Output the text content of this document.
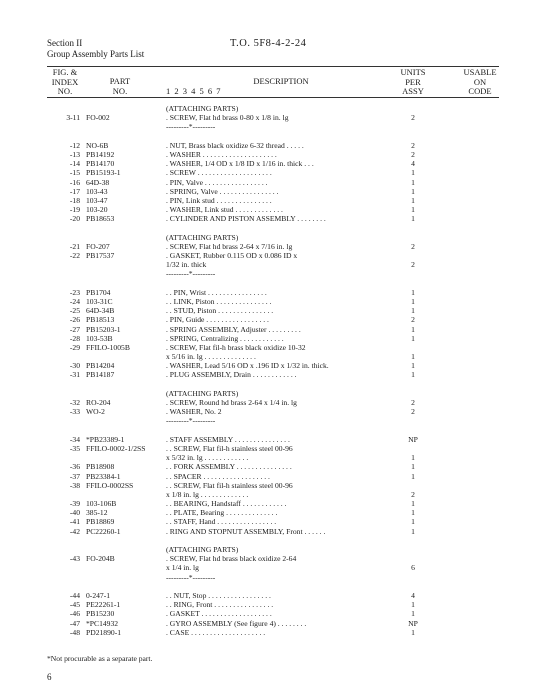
Section II
Group Assembly Parts List
T.O. 5F8-4-2-24
FIG. &
INDEX
NO.
PART
NO.
DESCRIPTION
1 2 3 4 5 6 7
UNITS
PER
ASSY
USABLE
ON
CODE
(ATTACHING PARTS)
3-11 FO-002	. SCREW, Flat hd brass 0-80 x 1/8 in. lg	2
---------*---------
-12 NO-6B	. NUT, Brass black oxidize 6-32 thread . . . . .	2
-13 PB14192	. WASHER . . . . . . . . . . . . . . . . . . . .	2
-14 PB14170	. WASHER, 1/4 OD x 1/8 ID x 1/16 in. thick . . .	4
-15 PB15193-1	. SCREW . . . . . . . . . . . . . . . . . . . .	1
-16 64D-38	. PIN, Valve . . . . . . . . . . . . . . . . .	1
-17 103-43	. SPRING, Valve . . . . . . . . . . . . . . . .	1
-18 103-47	. PIN, Link stud . . . . . . . . . . . . . . .	1
-19 103-20	. WASHER, Link stud . . . . . . . . . . . . .	1
-20 PB18653	. CYLINDER AND PISTON ASSEMBLY . . . . . . . .	1
(ATTACHING PARTS)
-21 FO-207	. SCREW, Flat hd brass 2-64 x 7/16 in. lg	2
-22 PB17537	. GASKET, Rubber 0.115 OD x 0.086 ID x
1/32 in. thick	2
---------*---------
-23 PB1704	. . PIN, Wrist . . . . . . . . . . . . . . . .	1
-24 103-31C	. . LINK, Piston . . . . . . . . . . . . . . .	1
-25 64D-34B	. . STUD, Piston . . . . . . . . . . . . . . .	1
-26 PB18513	. PIN, Guide . . . . . . . . . . . . . . . . .	2
-27 PB15203-1	. SPRING ASSEMBLY, Adjuster . . . . . . . . .	1
-28 103-53B	. SPRING, Centralizing . . . . . . . . . . . .	1
-29 FFILO-1005B	. SCREW, Flat fil-h brass black oxidize 10-32
x 5/16 in. lg . . . . . . . . . . . . . .	1
-30 PB14204	. WASHER, Lead 5/16 OD x .196 ID x 1/32 in. thick.	1
-31 PB14187	. PLUG ASSEMBLY, Drain . . . . . . . . . . . .	1
(ATTACHING PARTS)
-32 RO-204	. SCREW, Round hd brass 2-64 x 1/4 in. lg	2
-33 WO-2	. WASHER, No. 2	2
---------*---------
-34 *PB23389-1	. STAFF ASSEMBLY . . . . . . . . . . . . . . .	NP
-35 FFILO-0002-1/2SS	. . SCREW, Flat fil-h stainless steel 00-96
x 5/32 in. lg . . . . . . . . . . . .	1
-36 PB18908	. . FORK ASSEMBLY . . . . . . . . . . . . . . .	1
-37 PB23384-1	. . SPACER . . . . . . . . . . . . . . . . . .	1
-38 FFILO-0002SS	. . SCREW, Flat fil-h stainless steel 00-96
x 1/8 in. lg . . . . . . . . . . . . .	2
-39 103-106B	. . BEARING, Handstaff . . . . . . . . . . . .	1
-40 385-12	. . PLATE, Bearing . . . . . . . . . . . . . .	1
-41 PB18869	. . STAFF, Hand . . . . . . . . . . . . . . . .	1
-42 PC22260-1	. RING AND STOPNUT ASSEMBLY, Front . . . . . .	1
(ATTACHING PARTS)
-43 FO-204B	. SCREW, Flat hd brass black oxidize 2-64
x 1/4 in. lg	6
---------*---------
-44 0-247-1	. . NUT, Stop . . . . . . . . . . . . . . . . .	4
-45 PE22261-1	. . RING, Front . . . . . . . . . . . . . . . .	1
-46 PB15230	. GASKET . . . . . . . . . . . . . . . . . . .	1
-47 *PC14932	. GYRO ASSEMBLY (See figure 4) . . . . . . . .	NP
-48 PD21890-1	. CASE . . . . . . . . . . . . . . . . . . . .	1
*Not procurable as a separate part.
6
